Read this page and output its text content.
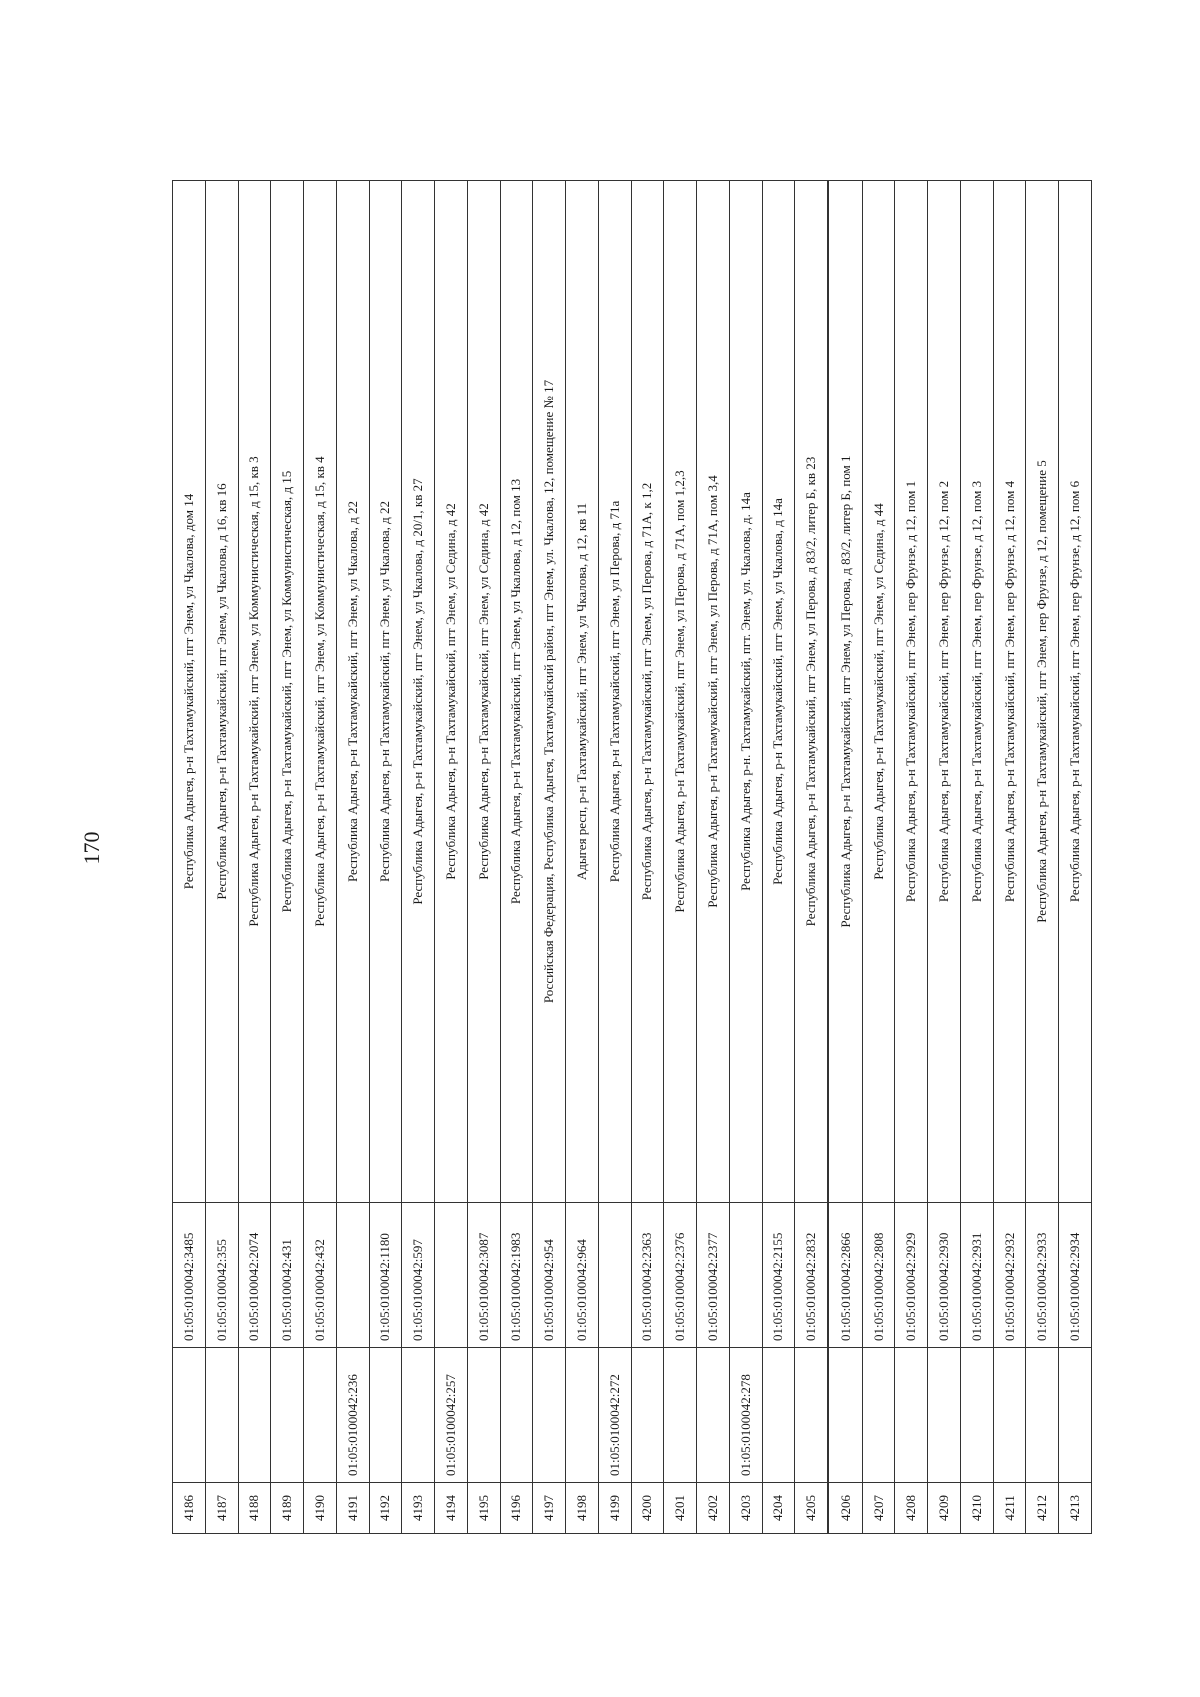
170
4186		01:05:0100042:3485	Республика Адыгея, р-н Тахтамукайский, пгт Энем, ул Чкалова, дом 14
4187		01:05:0100042:355	Республика Адыгея, р-н Тахтамукайский, пгт Энем, ул Чкалова, д 16, кв 16
4188		01:05:0100042:2074	Республика Адыгея, р-н Тахтамукайский, пгт Энем, ул Коммунистическая, д 15, кв 3
4189		01:05:0100042:431	Республика Адыгея, р-н Тахтамукайский, пгт Энем, ул Коммунистическая, д 15
4190		01:05:0100042:432	Республика Адыгея, р-н Тахтамукайский, пгт Энем, ул Коммунистическая, д 15, кв 4
4191	01:05:0100042:236		Республика Адыгея, р-н Тахтамукайский, пгт Энем, ул Чкалова, д 22
4192		01:05:0100042:1180	Республика Адыгея, р-н Тахтамукайский, пгт Энем, ул Чкалова, д 22
4193		01:05:0100042:597	Республика Адыгея, р-н Тахтамукайский, пгт Энем, ул Чкалова, д 20/1, кв 27
4194	01:05:0100042:257		Республика Адыгея, р-н Тахтамукайский, пгт Энем, ул Седина, д 42
4195		01:05:0100042:3087	Республика Адыгея, р-н Тахтамукайский, пгт Энем, ул Седина, д 42
4196		01:05:0100042:1983	Республика Адыгея, р-н Тахтамукайский, пгт Энем, ул Чкалова, д 12, пом 13
4197		01:05:0100042:954	Российская Федерация, Республика Адыгея, Тахтамукайский район, пгт Энем, ул. Чкалова, 12, помещение № 17
4198		01:05:0100042:964	Адыгея респ, р-н Тахтамукайский, пгт Энем, ул Чкалова, д 12, кв 11
4199	01:05:0100042:272		Республика Адыгея, р-н Тахтамукайский, пгт Энем, ул Перова, д 71а
4200		01:05:0100042:2363	Республика Адыгея, р-н Тахтамукайский, пгт Энем, ул Перова, д 71А, к 1,2
4201		01:05:0100042:2376	Республика Адыгея, р-н Тахтамукайский, пгт Энем, ул Перова, д 71А, пом 1,2,3
4202		01:05:0100042:2377	Республика Адыгея, р-н Тахтамукайский, пгт Энем, ул Перова, д 71А, пом 3,4
4203	01:05:0100042:278		Республика Адыгея, р-н. Тахтамукайский, пгт. Энем, ул. Чкалова, д. 14а
4204		01:05:0100042:2155	Республика Адыгея, р-н Тахтамукайский, пгт Энем, ул Чкалова, д 14а
4205		01:05:0100042:2832	Республика Адыгея, р-н Тахтамукайский, пгт Энем, ул Перова, д 83/2, литер Б, кв 23
4206		01:05:0100042:2866	Республика Адыгея, р-н Тахтамукайский, пгт Энем, ул Перова, д 83/2, литер Б, пом 1
4207		01:05:0100042:2808	Республика Адыгея, р-н Тахтамукайский, пгт Энем, ул Седина, д 44
4208		01:05:0100042:2929	Республика Адыгея, р-н Тахтамукайский, пгт Энем, пер Фрунзе, д 12, пом 1
4209		01:05:0100042:2930	Республика Адыгея, р-н Тахтамукайский, пгт Энем, пер Фрунзе, д 12, пом 2
4210		01:05:0100042:2931	Республика Адыгея, р-н Тахтамукайский, пгт Энем, пер Фрунзе, д 12, пом 3
4211		01:05:0100042:2932	Республика Адыгея, р-н Тахтамукайский, пгт Энем, пер Фрунзе, д 12, пом 4
4212		01:05:0100042:2933	Республика Адыгея, р-н Тахтамукайский, пгт Энем, пер Фрунзе, д 12, помещение 5
4213		01:05:0100042:2934	Республика Адыгея, р-н Тахтамукайский, пгт Энем, пер Фрунзе, д 12, пом 6
